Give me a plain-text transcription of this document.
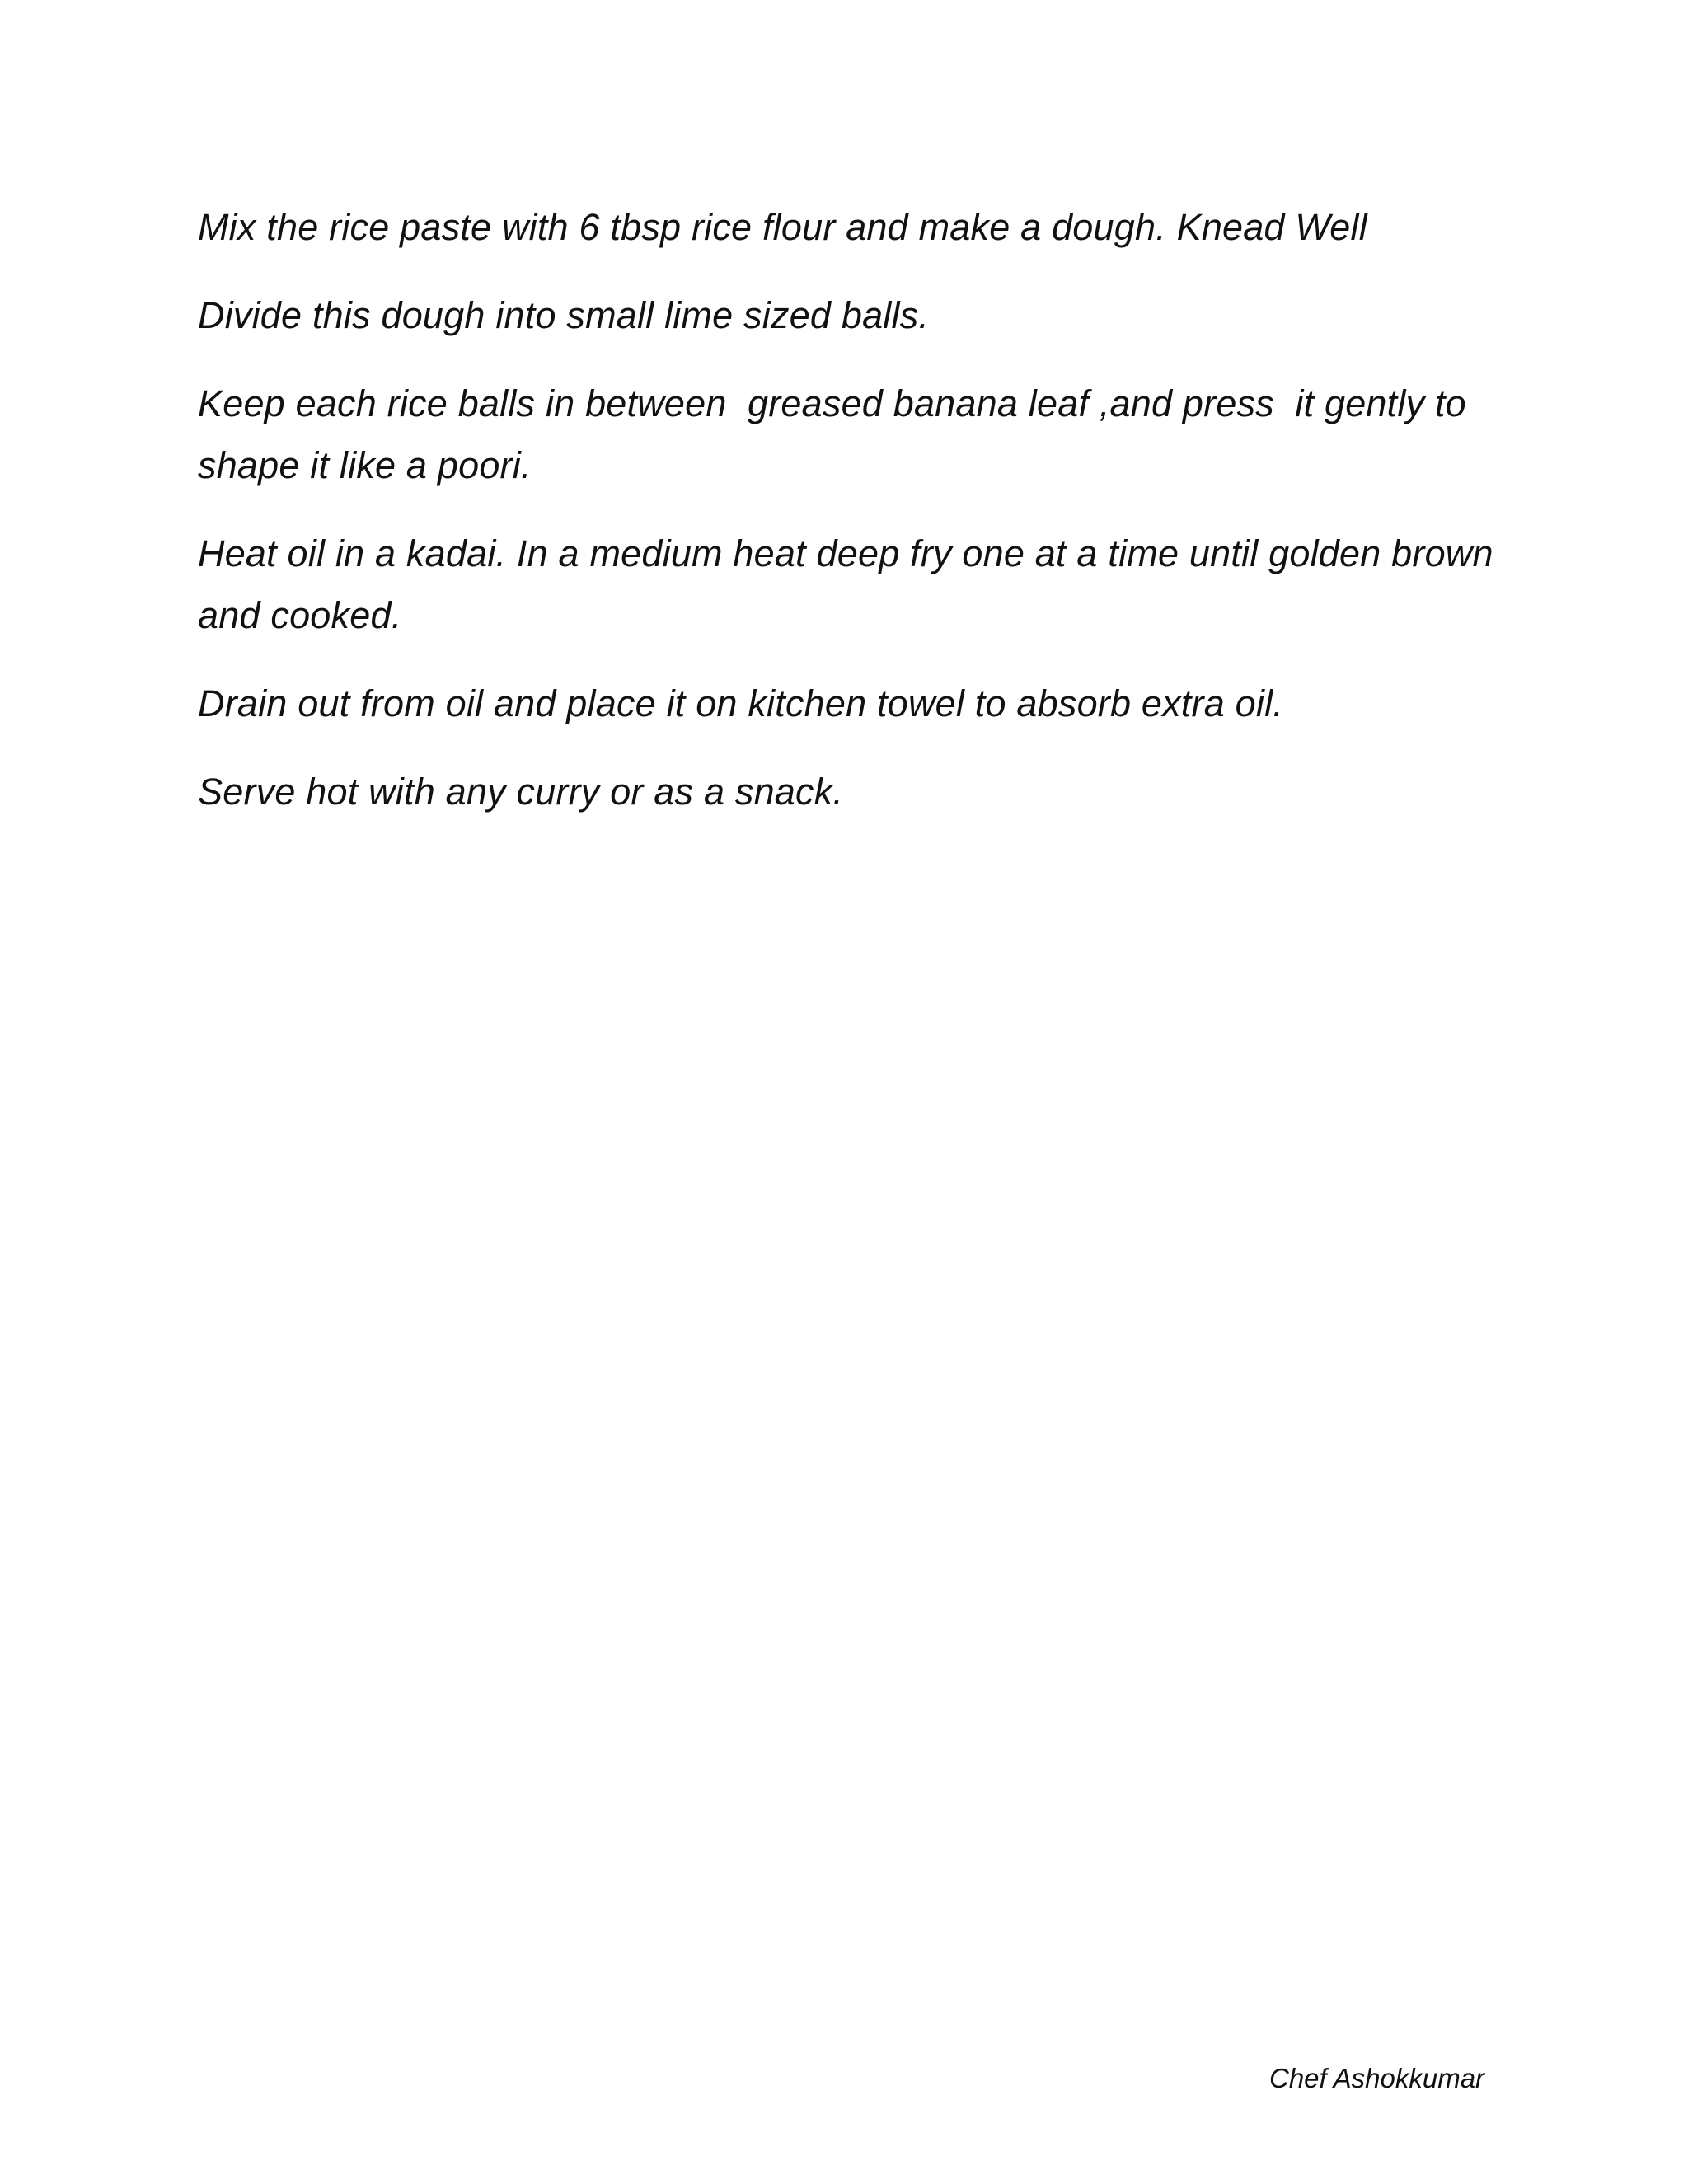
Mix the rice paste with 6 tbsp rice flour and make a dough. Knead Well

Divide this dough into small lime sized balls.

Keep each rice balls in between  greased banana leaf ,and press  it gently to shape it like a poori.

Heat oil in a kadai. In a medium heat deep fry one at a time until golden brown and cooked.

Drain out from oil and place it on kitchen towel to absorb extra oil.

Serve hot with any curry or as a snack.

Chef Ashokkumar
